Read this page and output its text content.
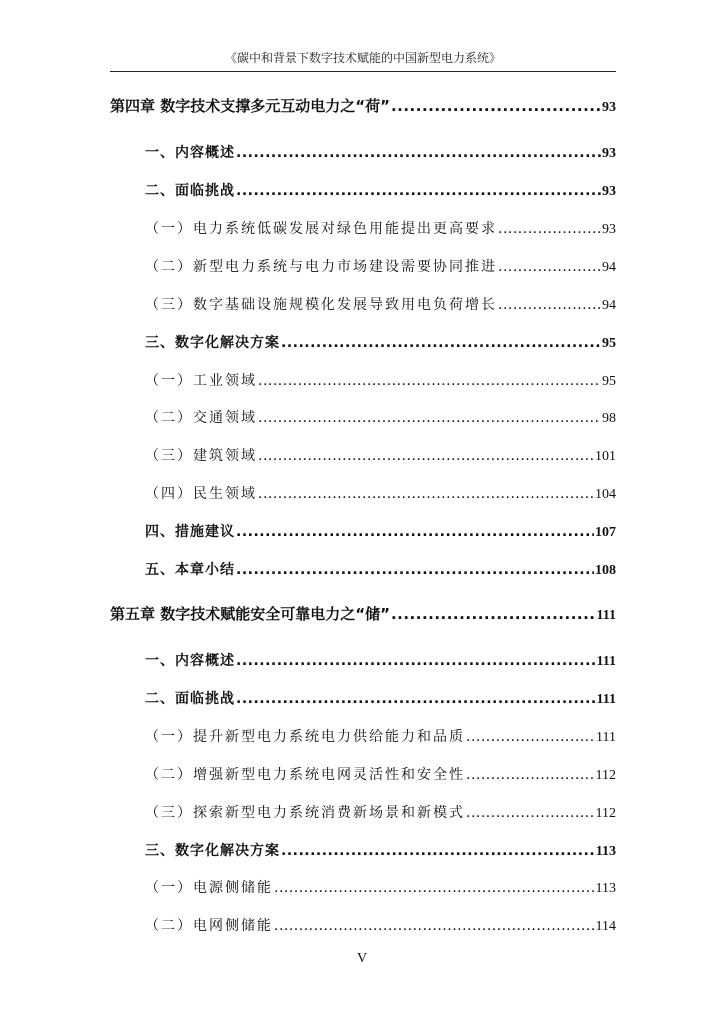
《碳中和背景下数字技术赋能的中国新型电力系统》
第四章 数字技术支撑多元互动电力之“荷” .....	93
一、内容概述 .....	93
二、面临挑战 .....	93
（一）电力系统低碳发展对绿色用能提出更高要求 .....	93
（二）新型电力系统与电力市场建设需要协同推进 .....	94
（三）数字基础设施规模化发展导致用电负荷增长 .....	94
三、数字化解决方案 .....	95
（一）工业领域 .....	95
（二）交通领域 .....	98
（三）建筑领域 .....	101
（四）民生领域 .....	104
四、措施建议 .....	107
五、本章小结 .....	108
第五章 数字技术赋能安全可靠电力之“储” .....	111
一、内容概述 .....	111
二、面临挑战 .....	111
（一）提升新型电力系统电力供给能力和品质 .....	111
（二）增强新型电力系统电网灵活性和安全性 .....	112
（三）探索新型电力系统消费新场景和新模式 .....	112
三、数字化解决方案 .....	113
（一）电源侧储能 .....	113
（二）电网侧储能 .....	114
V
